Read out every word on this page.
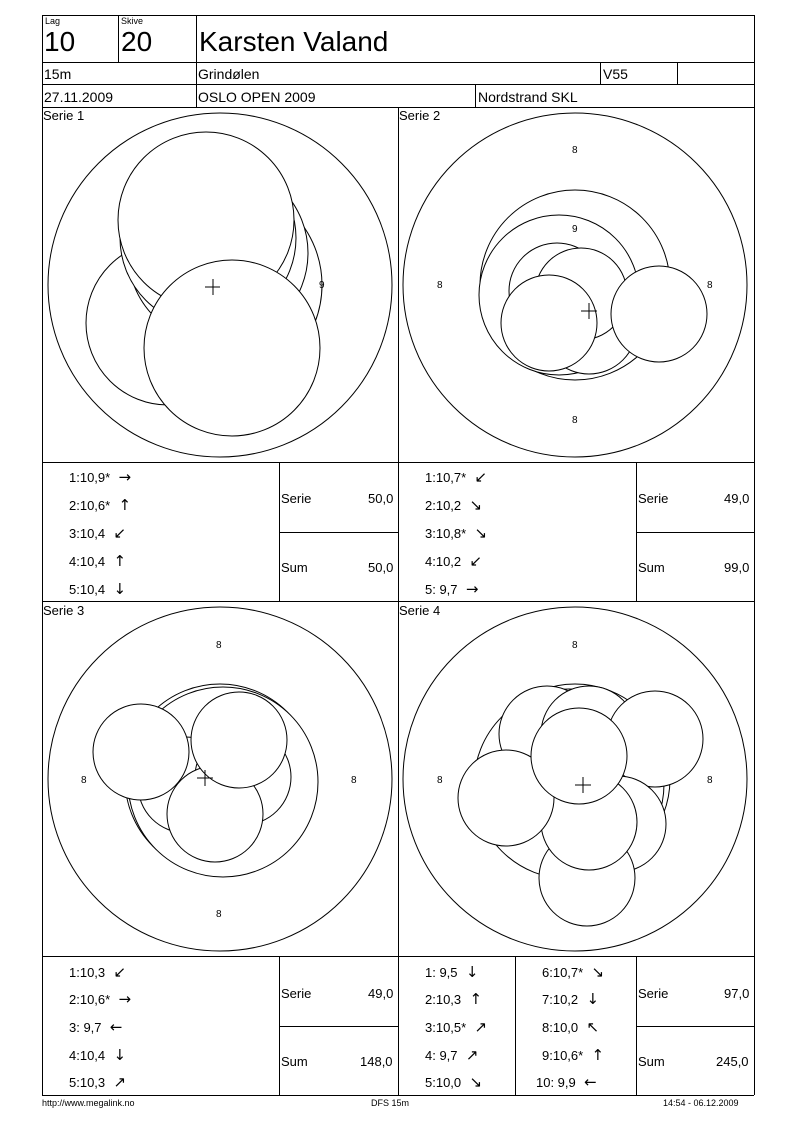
Lag
10
Skive
20 Karsten Valand
15m	Grindølen	V55
27.11.2009	OSLO OPEN 2009	Nordstrand SKL
Serie 1	Serie 2
Serie 3	Serie 4
9
8
9
8	8
8
8
8	8
8
8
8	8
1:10,9* →
2:10,6* ↑
3:10,4 ↙
4:10,4 ↑
5:10,4 ↓
Serie	50,0
Sum	50,0
1:10,7* ↙
2:10,2 ↘
3:10,8* ↘
4:10,2 ↙
5: 9,7 →
Serie	49,0
Sum	99,0
1:10,3 ↙
2:10,6* →
3: 9,7 ←
4:10,4 ↓
5:10,3 ↗
Serie	49,0
Sum	148,0
1: 9,5 ↓
2:10,3 ↑
3:10,5* ↗
4: 9,7 ↗
5:10,0 ↘
6:10,7* ↘
7:10,2 ↓
8:10,0 ↖
9:10,6* ↑
10: 9,9 ←
Serie	97,0
Sum	245,0
http://www.megalink.no	DFS 15m	14:54 - 06.12.2009
